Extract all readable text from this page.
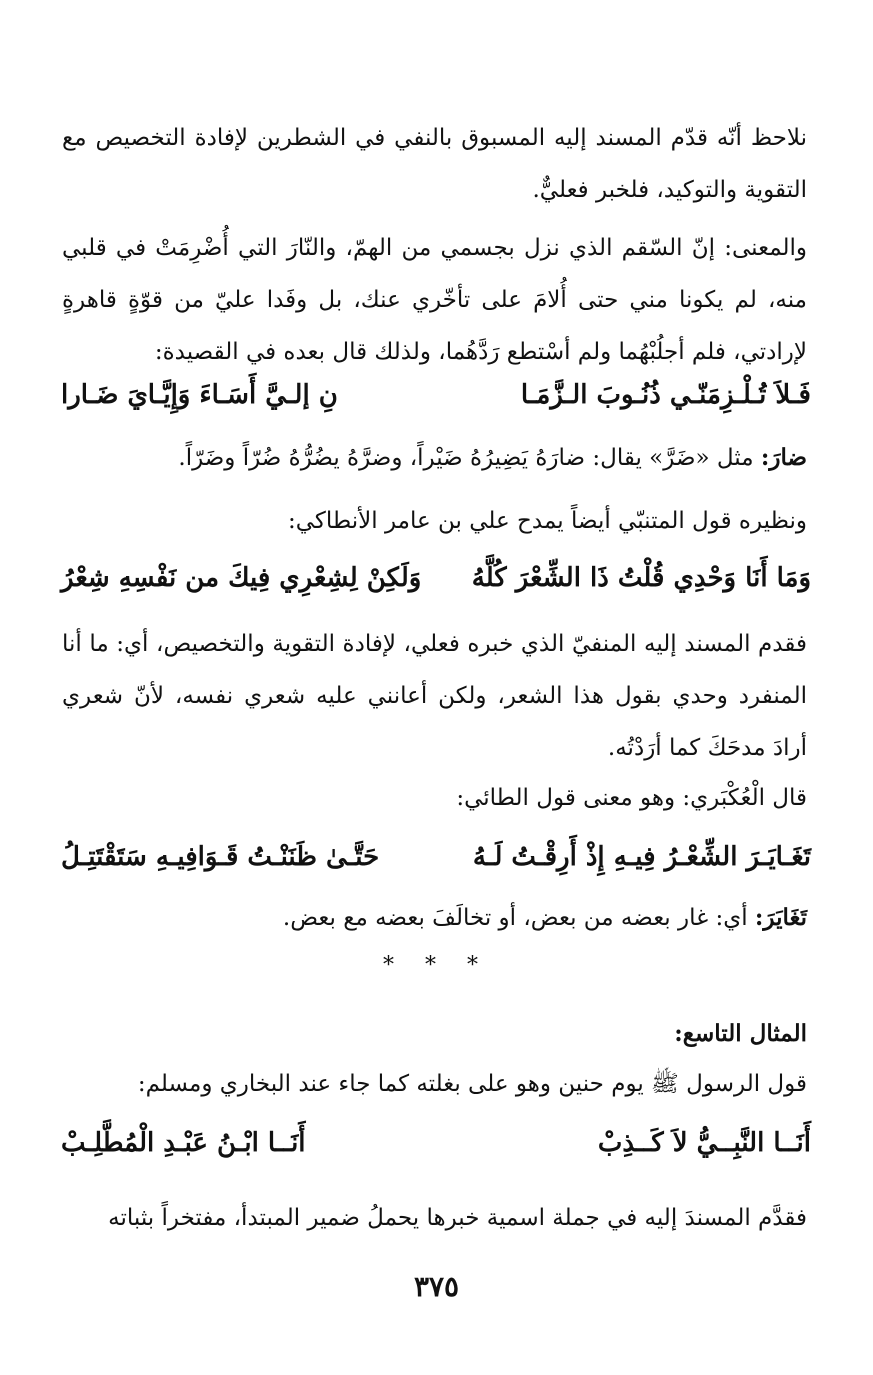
نلاحظ أنّه قدّم المسند إليه المسبوق بالنفي في الشطرين لإفادة التخصيص مع التقوية والتوكيد، فلخبر فعليٌّ.

والمعنى: إنّ السّقم الذي نزل بجسمي من الهمّ، والنّارَ التي أُضْرِمَتْ في قلبي منه، لم يكونا مني حتى أُلامَ على تأخّري عنك، بل وفَدا عليّ من قوّةٍ قاهرةٍ لإرادتي، فلم أجلُبْهُما ولم أسْتطع رَدَّهُما، ولذلك قال بعده في القصيدة:

فَـلاَ تُـلْـزِمَنّـي ذُنُـوبَ الـزَّمَـا
نِ إلـيَّ أَسَـاءَ وَإِيَّـايَ ضَـارا

ضارَ: مثل «ضَرَّ» يقال: ضارَهُ يَضِيرُهُ ضَيْراً، وضرَّهُ يضُرُّهُ ضُرّاً وضَرّاً.

ونظيره قول المتنبّي أيضاً يمدح علي بن عامر الأنطاكي:

وَمَا أَنَا وَحْدِي قُلْتُ ذَا الشِّعْرَ كُلَّهُ
وَلَكِنْ لِشِعْرِي فِيكَ من نَفْسِهِ شِعْرُ

فقدم المسند إليه المنفيّ الذي خبره فعلي، لإفادة التقوية والتخصيص، أي: ما أنا المنفرد وحدي بقول هذا الشعر، ولكن أعانني عليه شعري نفسه، لأنّ شعري أرادَ مدحَكَ كما أرَدْتُه.

قال الْعُكْبَري: وهو معنى قول الطائي:

تَغَـايَـرَ الشِّعْـرُ فِيـهِ إِذْ أَرِقْـتُ لَـهُ
حَتَّـىٰ ظَنَنْـتُ قَـوَافِيـهِ سَتَقْتَتِـلُ

تَغَايَرَ: أي: غار بعضه من بعض، أو تخالَفَ بعضه مع بعض.

* * *
المثال التاسع:

قول الرسول ﷺ يوم حنين وهو على بغلته كما جاء عند البخاري ومسلم:

أَنَــا النَّبِــيُّ لاَ كَــذِبْ
أَنَــا ابْـنُ عَبْـدِ الْمُطَّلِـبْ

فقدَّم المسندَ إليه في جملة اسمية خبرها يحملُ ضمير المبتدأ، مفتخراً بثباته

٣٧٥
